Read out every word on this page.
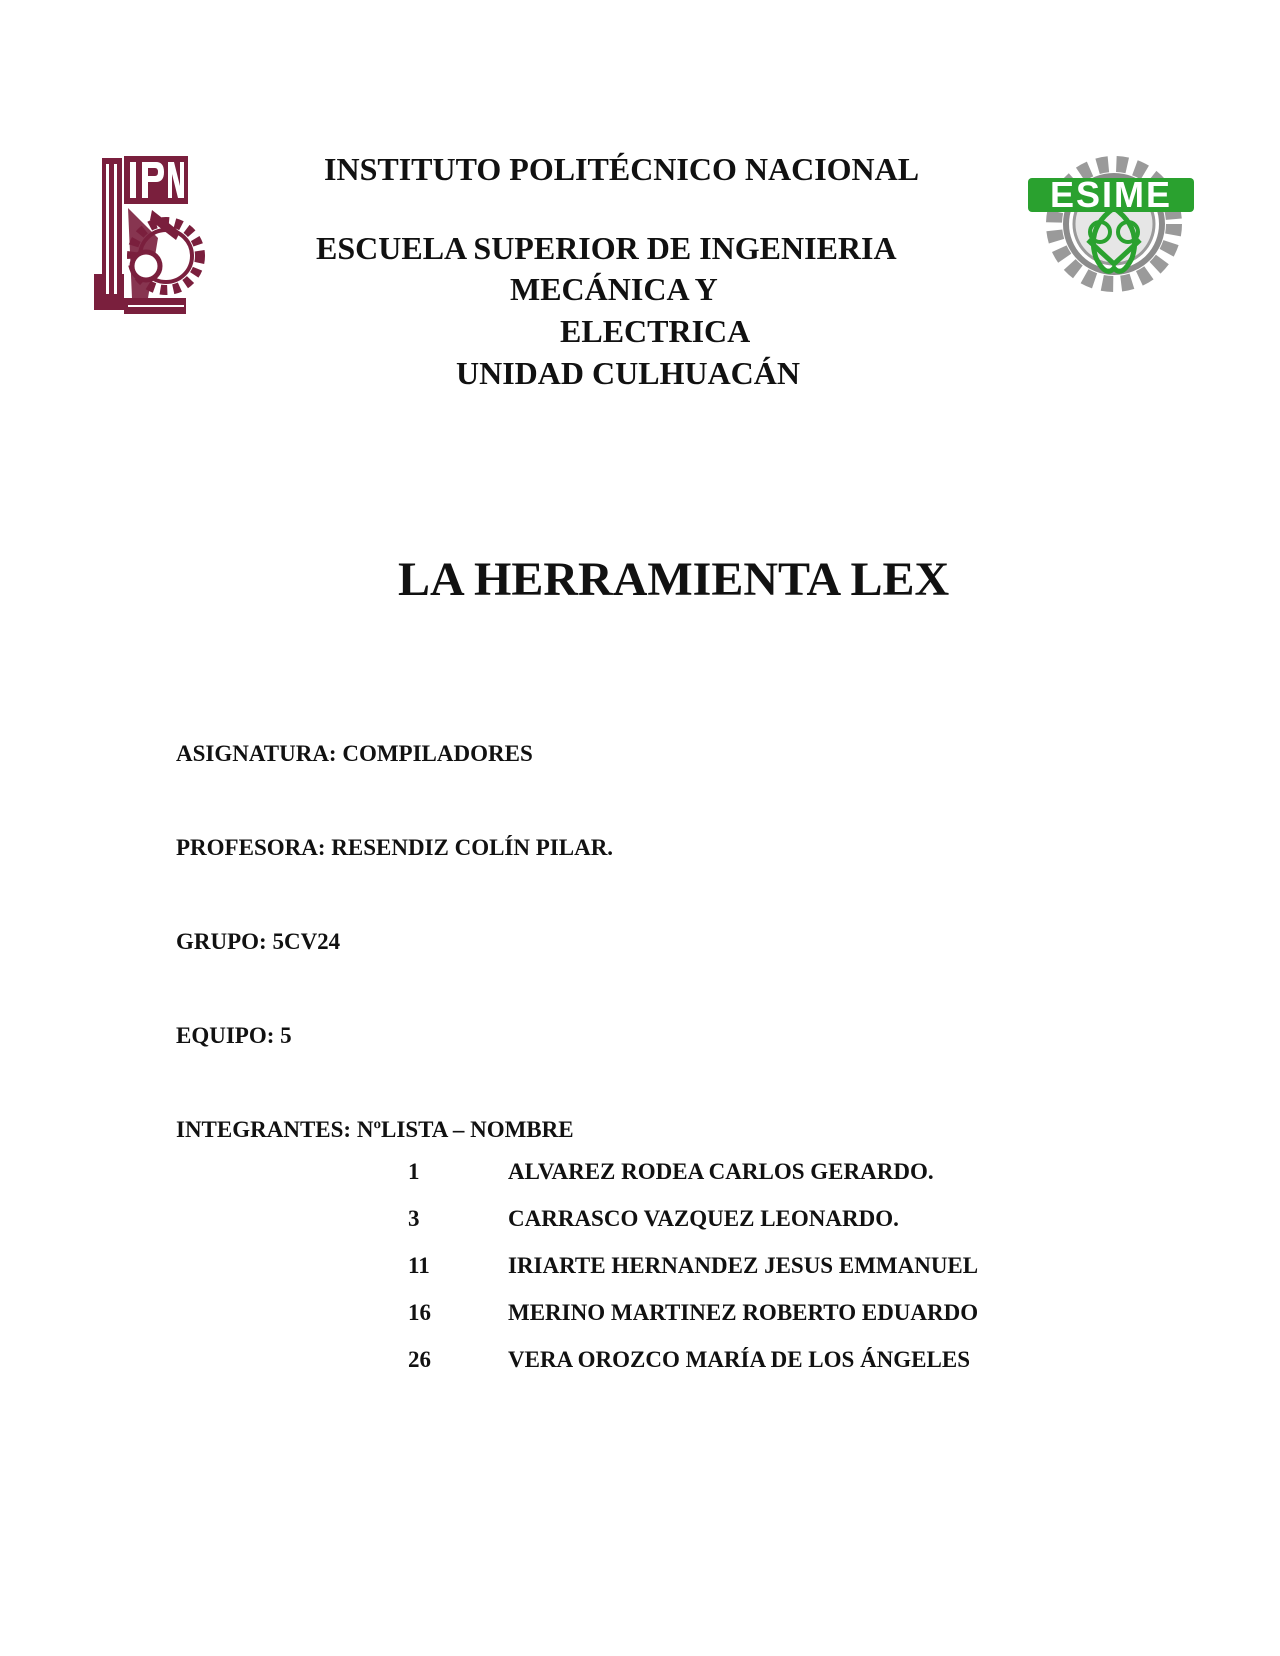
INSTITUTO POLITÉCNICO NACIONAL
ESCUELA SUPERIOR DE INGENIERIA
MECÁNICA Y
ELECTRICA
UNIDAD CULHUACÁN
ESIME
LA HERRAMIENTA LEX
ASIGNATURA: COMPILADORES
PROFESORA: RESENDIZ COLÍN PILAR.
GRUPO: 5CV24
EQUIPO: 5
INTEGRANTES: NºLISTA – NOMBRE
1	ALVAREZ RODEA CARLOS GERARDO.
3	CARRASCO VAZQUEZ LEONARDO.
11	IRIARTE HERNANDEZ JESUS EMMANUEL
16	MERINO MARTINEZ ROBERTO EDUARDO
26	VERA OROZCO MARÍA DE LOS ÁNGELES
